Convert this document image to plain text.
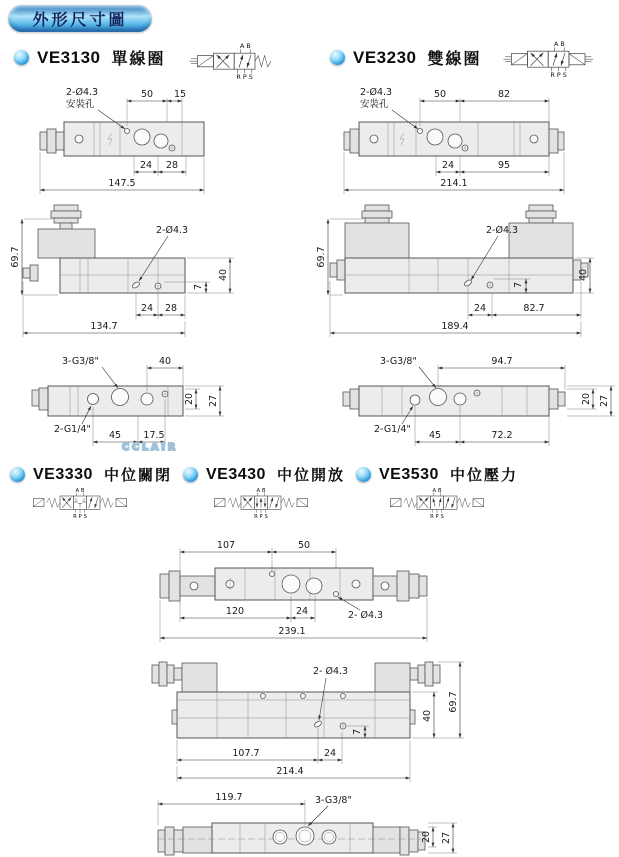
外形尺寸圖
VE3130 單線圈	VE3230 雙線圈
A B
R P S
A B
R P S
50 15
2-Ø4.3
安裝孔
24 28
147.5
50	82
2-Ø4.3
安裝孔
24	95
214.1
69.7
2-Ø4.3
40
7
24 28
134.7
69.7
2-Ø4.3
7
40
24	82.7
189.4
3-G3/8"	40
2-G1/4"
45 17.5
20 27
3-G3/8"	94.7
2-G1/4"
45	72.2
20 27
CCLAIR
VE3330 中位關閉 VE3430 中位開放 VE3530 中位壓力
A B
R P S
A B
R P S
A B
R P S
107	50
120	24	2- Ø4.3
239.1
2- Ø4.3
69.7
40
7
107.7	24
214.4
119.7	3-G3/8"
20 27
